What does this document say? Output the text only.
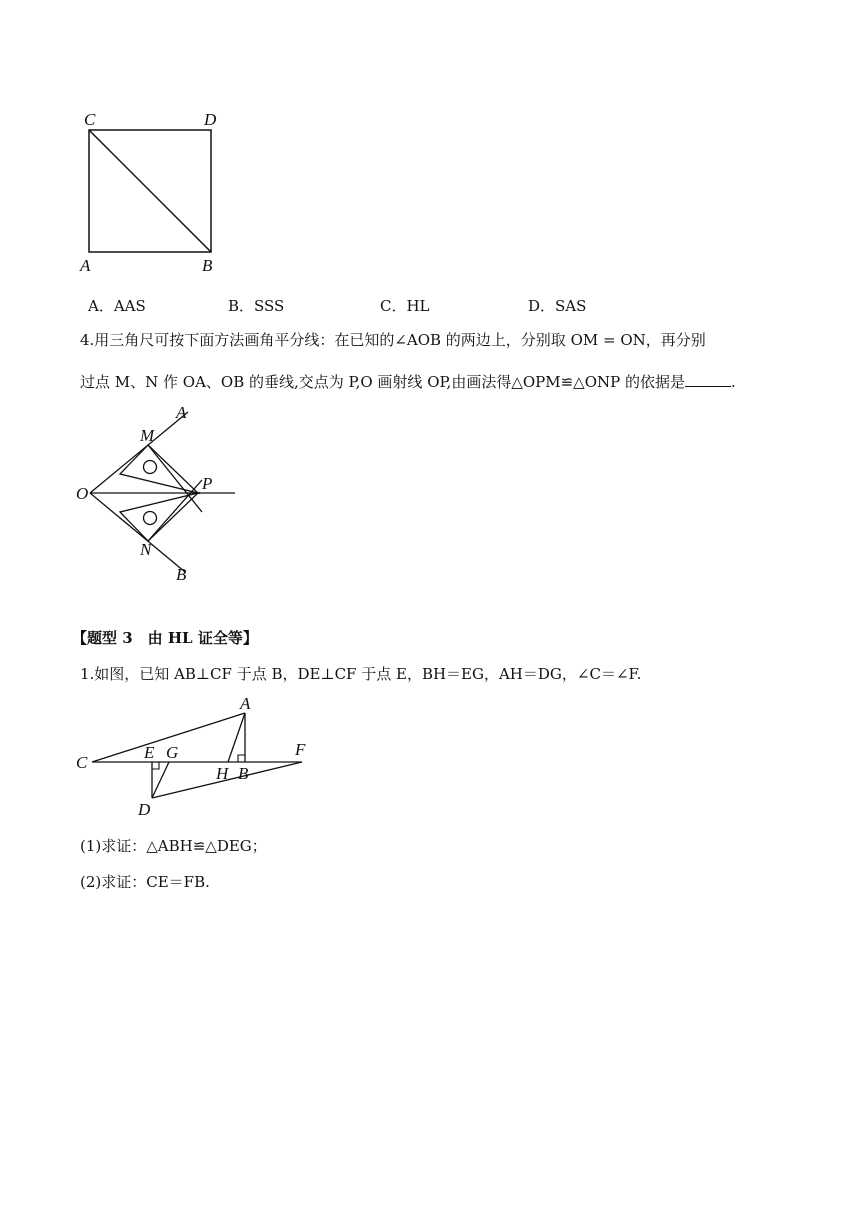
C	D
A	B
A．AAS	B．SSS	C．HL	D．SAS
4.用三角尺可按下面方法画角平分线：在已知的∠AOB 的两边上，分别取 OM = ON，再分别
过点 M、N 作 OA、OB 的垂线,交点为 P,O 画射线 OP,由画法得△OPM≌△ONP 的依据是	.
A
M
O
P
N
B
【题型 3　由 HL 证全等】
1.如图，已知 AB⊥CF 于点 B，DE⊥CF 于点 E，BH＝EG，AH＝DG，∠C＝∠F.
A
C
E G	F
H B
D
(1)求证：△ABH≌△DEG；
(2)求证：CE＝FB.
